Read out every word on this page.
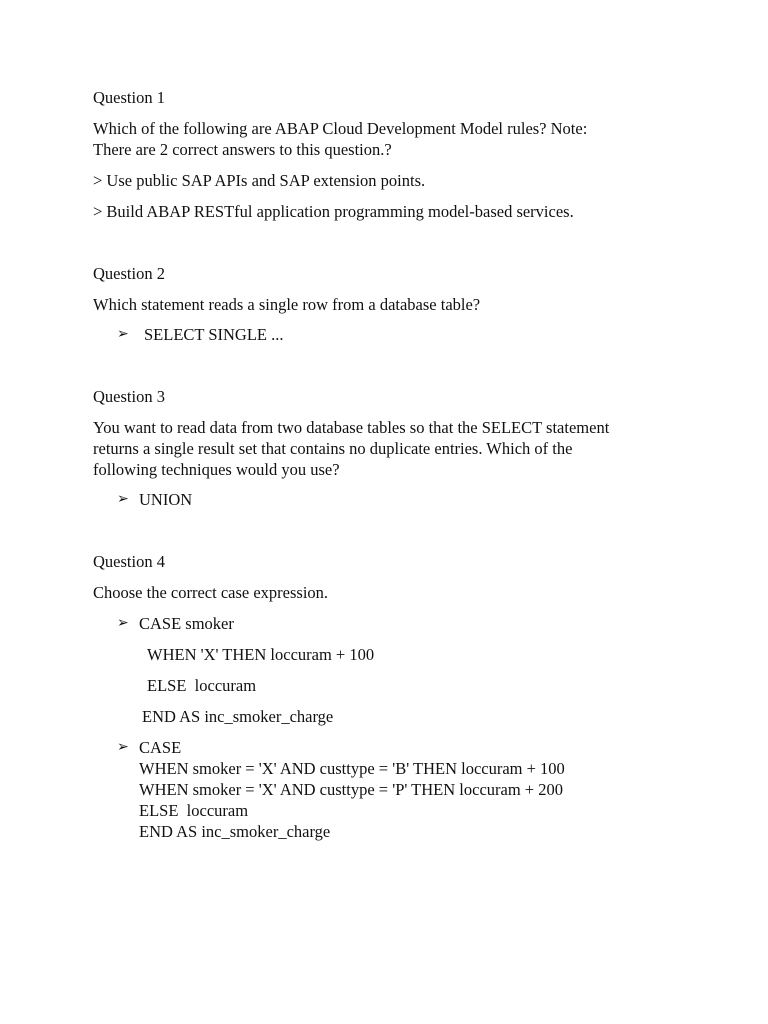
Question 1

Which of the following are ABAP Cloud Development Model rules? Note:

There are 2 correct answers to this question.?

> Use public SAP APIs and SAP extension points.

> Build ABAP RESTful application programming model-based services.

Question 2

Which statement reads a single row from a database table?

➢ SELECT SINGLE ...

Question 3

You want to read data from two database tables so that the SELECT statement

returns a single result set that contains no duplicate entries. Which of the

following techniques would you use?

➢ UNION

Question 4

Choose the correct case expression.

➢ CASE smoker

WHEN 'X' THEN loccuram + 100

ELSE  loccuram

END AS inc_smoker_charge

➢ CASE

WHEN smoker = 'X' AND custtype = 'B' THEN loccuram + 100

WHEN smoker = 'X' AND custtype = 'P' THEN loccuram + 200

ELSE  loccuram

END AS inc_smoker_charge
